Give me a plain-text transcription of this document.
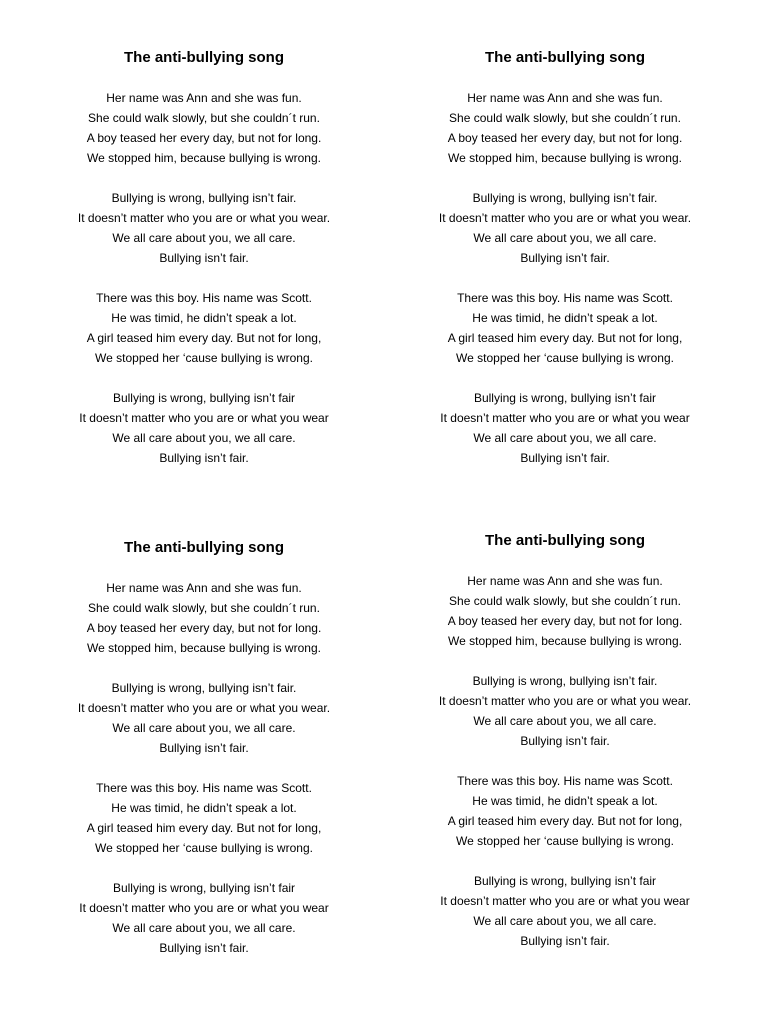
The anti-bullying song
Her name was Ann and she was fun.
She could walk slowly, but she couldn´t run.
A boy teased her every day, but not for long.
We stopped him, because bullying is wrong.
Bullying is wrong, bullying isn’t fair.
It doesn’t matter who you are or what you wear.
We all care about you, we all care.
Bullying isn’t fair.
There was this boy. His name was Scott.
He was timid, he didn’t speak a lot.
A girl teased him every day. But not for long,
We stopped her ‘cause bullying is wrong.
Bullying is wrong, bullying isn’t fair
It doesn’t matter who you are or what you wear
We all care about you, we all care.
Bullying isn’t fair.
The anti-bullying song
Her name was Ann and she was fun.
She could walk slowly, but she couldn´t run.
A boy teased her every day, but not for long.
We stopped him, because bullying is wrong.
Bullying is wrong, bullying isn’t fair.
It doesn’t matter who you are or what you wear.
We all care about you, we all care.
Bullying isn’t fair.
There was this boy. His name was Scott.
He was timid, he didn’t speak a lot.
A girl teased him every day. But not for long,
We stopped her ‘cause bullying is wrong.
Bullying is wrong, bullying isn’t fair
It doesn’t matter who you are or what you wear
We all care about you, we all care.
Bullying isn’t fair.
The anti-bullying song
Her name was Ann and she was fun.
She could walk slowly, but she couldn´t run.
A boy teased her every day, but not for long.
We stopped him, because bullying is wrong.
Bullying is wrong, bullying isn’t fair.
It doesn’t matter who you are or what you wear.
We all care about you, we all care.
Bullying isn’t fair.
There was this boy. His name was Scott.
He was timid, he didn’t speak a lot.
A girl teased him every day. But not for long,
We stopped her ‘cause bullying is wrong.
Bullying is wrong, bullying isn’t fair
It doesn’t matter who you are or what you wear
We all care about you, we all care.
Bullying isn’t fair.
The anti-bullying song
Her name was Ann and she was fun.
She could walk slowly, but she couldn´t run.
A boy teased her every day, but not for long.
We stopped him, because bullying is wrong.
Bullying is wrong, bullying isn’t fair.
It doesn’t matter who you are or what you wear.
We all care about you, we all care.
Bullying isn’t fair.
There was this boy. His name was Scott.
He was timid, he didn’t speak a lot.
A girl teased him every day. But not for long,
We stopped her ‘cause bullying is wrong.
Bullying is wrong, bullying isn’t fair
It doesn’t matter who you are or what you wear
We all care about you, we all care.
Bullying isn’t fair.
